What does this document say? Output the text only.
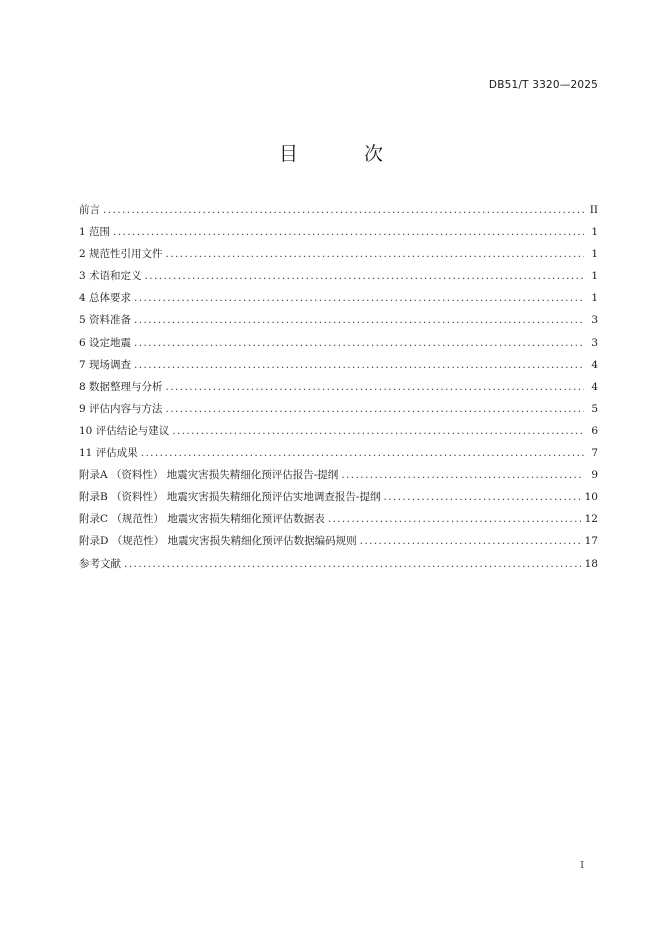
DB51/T 3320—2025
目 次
前言 .....	II
1 范围 .....	1
2 规范性引用文件 .....	1
3 术语和定义 .....	1
4 总体要求 .....	1
5 资料准备 .....	3
6 设定地震 .....	3
7 现场调查 .....	4
8 数据整理与分析 .....	4
9 评估内容与方法 .....	5
10 评估结论与建议 .....	6
11 评估成果 .....	7
附录A （资料性） 地震灾害损失精细化预评估报告-提纲 .....	9
附录B （资料性） 地震灾害损失精细化预评估实地调查报告-提纲 .....	10
附录C （规范性） 地震灾害损失精细化预评估数据表 .....	12
附录D （规范性） 地震灾害损失精细化预评估数据编码规则 .....	17
参考文献 .....	18
I
